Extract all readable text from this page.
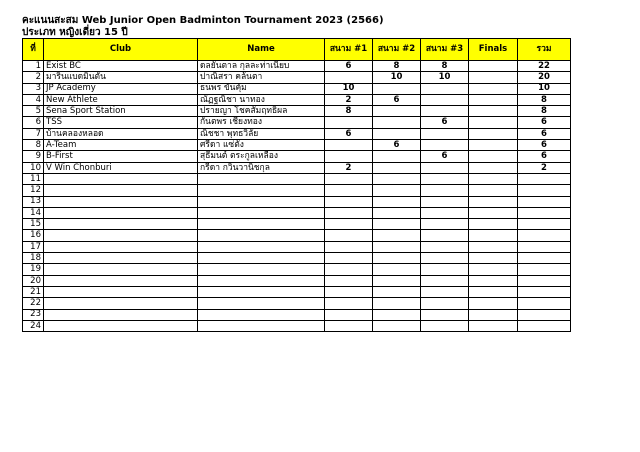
คะแนนสะสม Web Junior Open Badminton Tournament 2023 (2566)
ประเภท หญิงเดี่ยว 15 ปี
ที่	Club	Name	สนาม #1	สนาม #2	สนาม #3	Finals	รวม
1	Exist BC	ดลยันตาล กุลละท่าเนียบ	6	8	8		22
2	มารินแบดมินตัน	ปาณิสรา คล้นตา		10	10		20
3	JP Academy	ธนพร ขันคุ้ม	10				10
4	New Athlete	ณัฏฐณิชา นาทอง	2	6			8
5	Sena Sport Station	ปรายญา โชคสัมฤทธิผล	8				8
6	TSS	กันตพร เชียงทอง			6		6
7	บ้านคลองหลอด	ณิชชา พุทธวิลัย	6				6
8	A-Team	ศรีดา แซ่ตั้ง		6			6
9	B-First	สุธีมนต์ ตระกูลเหลือง			6		6
10	V Win Chonburi	กรีดา กวินวานิชกุล	2				2
11							
12							
13							
14							
15							
16							
17							
18							
19							
20							
21							
22							
23							
24							
